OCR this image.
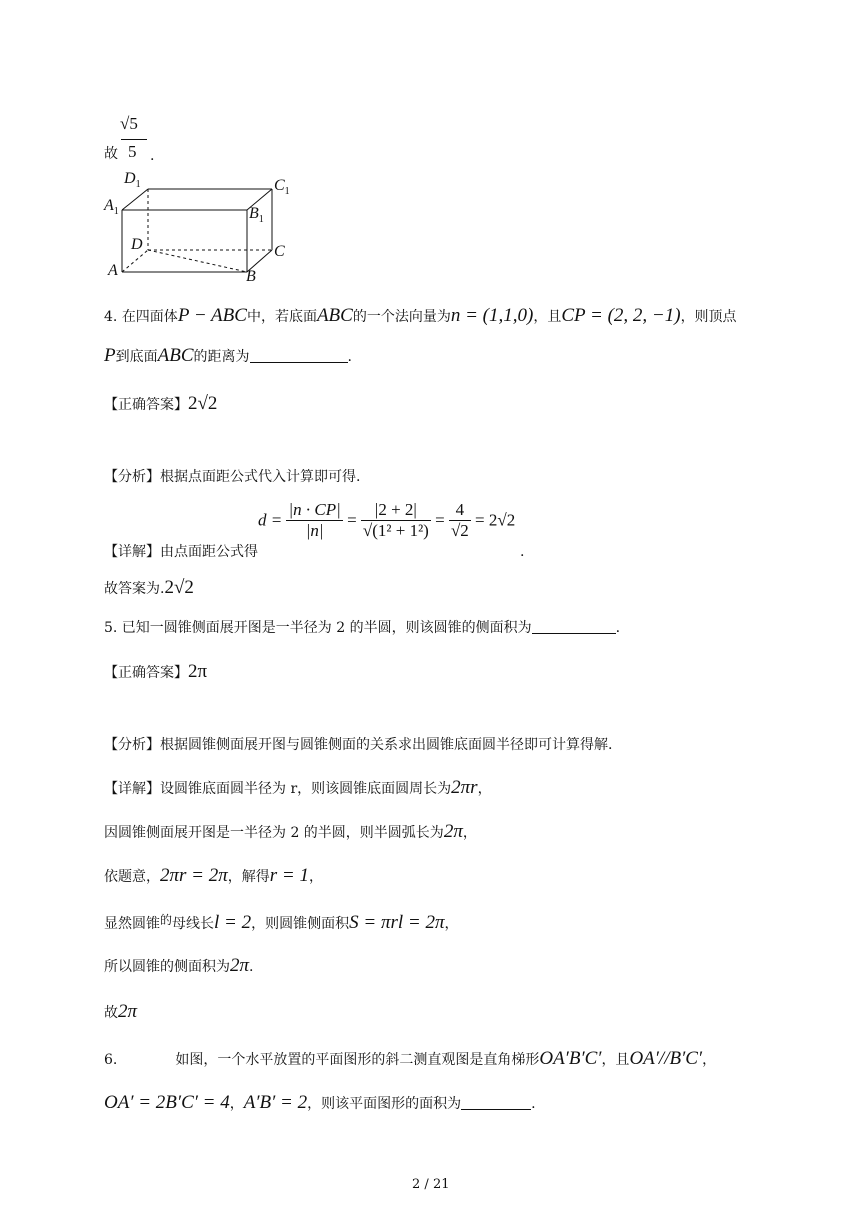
故
√5
5 .
$D_1$	$C_1$
$A_1$	$B_1$
D	C
A	B
4. 在四面体P − ABC中，若底面ABC的一个法向量为n = (1,1,0)，且CP = (2, 2, −1)，则顶点
P到底面ABC的距离为	.
【正确答案】2√2
【分析】根据点面距公式代入计算即可得.
【详解】由点面距公式得
$d = \frac{|n \cdot CP|}{|n|} = \frac{|2 + 2|}{\text{√(1² + 1²)}} = \frac{4}{√2} = 2√2$
.
故答案为.2√2
5. 已知一圆锥侧面展开图是一半径为 2 的半圆，则该圆锥的侧面积为	.
【正确答案】2π
【分析】根据圆锥侧面展开图与圆锥侧面的关系求出圆锥底面圆半径即可计算得解.
【详解】设圆锥底面圆半径为 r，则该圆锥底面圆周长为2πr，
因圆锥侧面展开图是一半径为 2 的半圆，则半圆弧长为2π，
依题意，2πr = 2π，解得r = 1，
显然圆锥的母线长l = 2，则圆锥侧面积S = πrl = 2π，
所以圆锥的侧面积为2π.
故2π
6.	如图，一个水平放置的平面图形的斜二测直观图是直角梯形OA′B′C′，且OA′//B′C′，
OA′ = 2B′C′ = 4，A′B′ = 2，则该平面图形的面积为	.
2 / 21
